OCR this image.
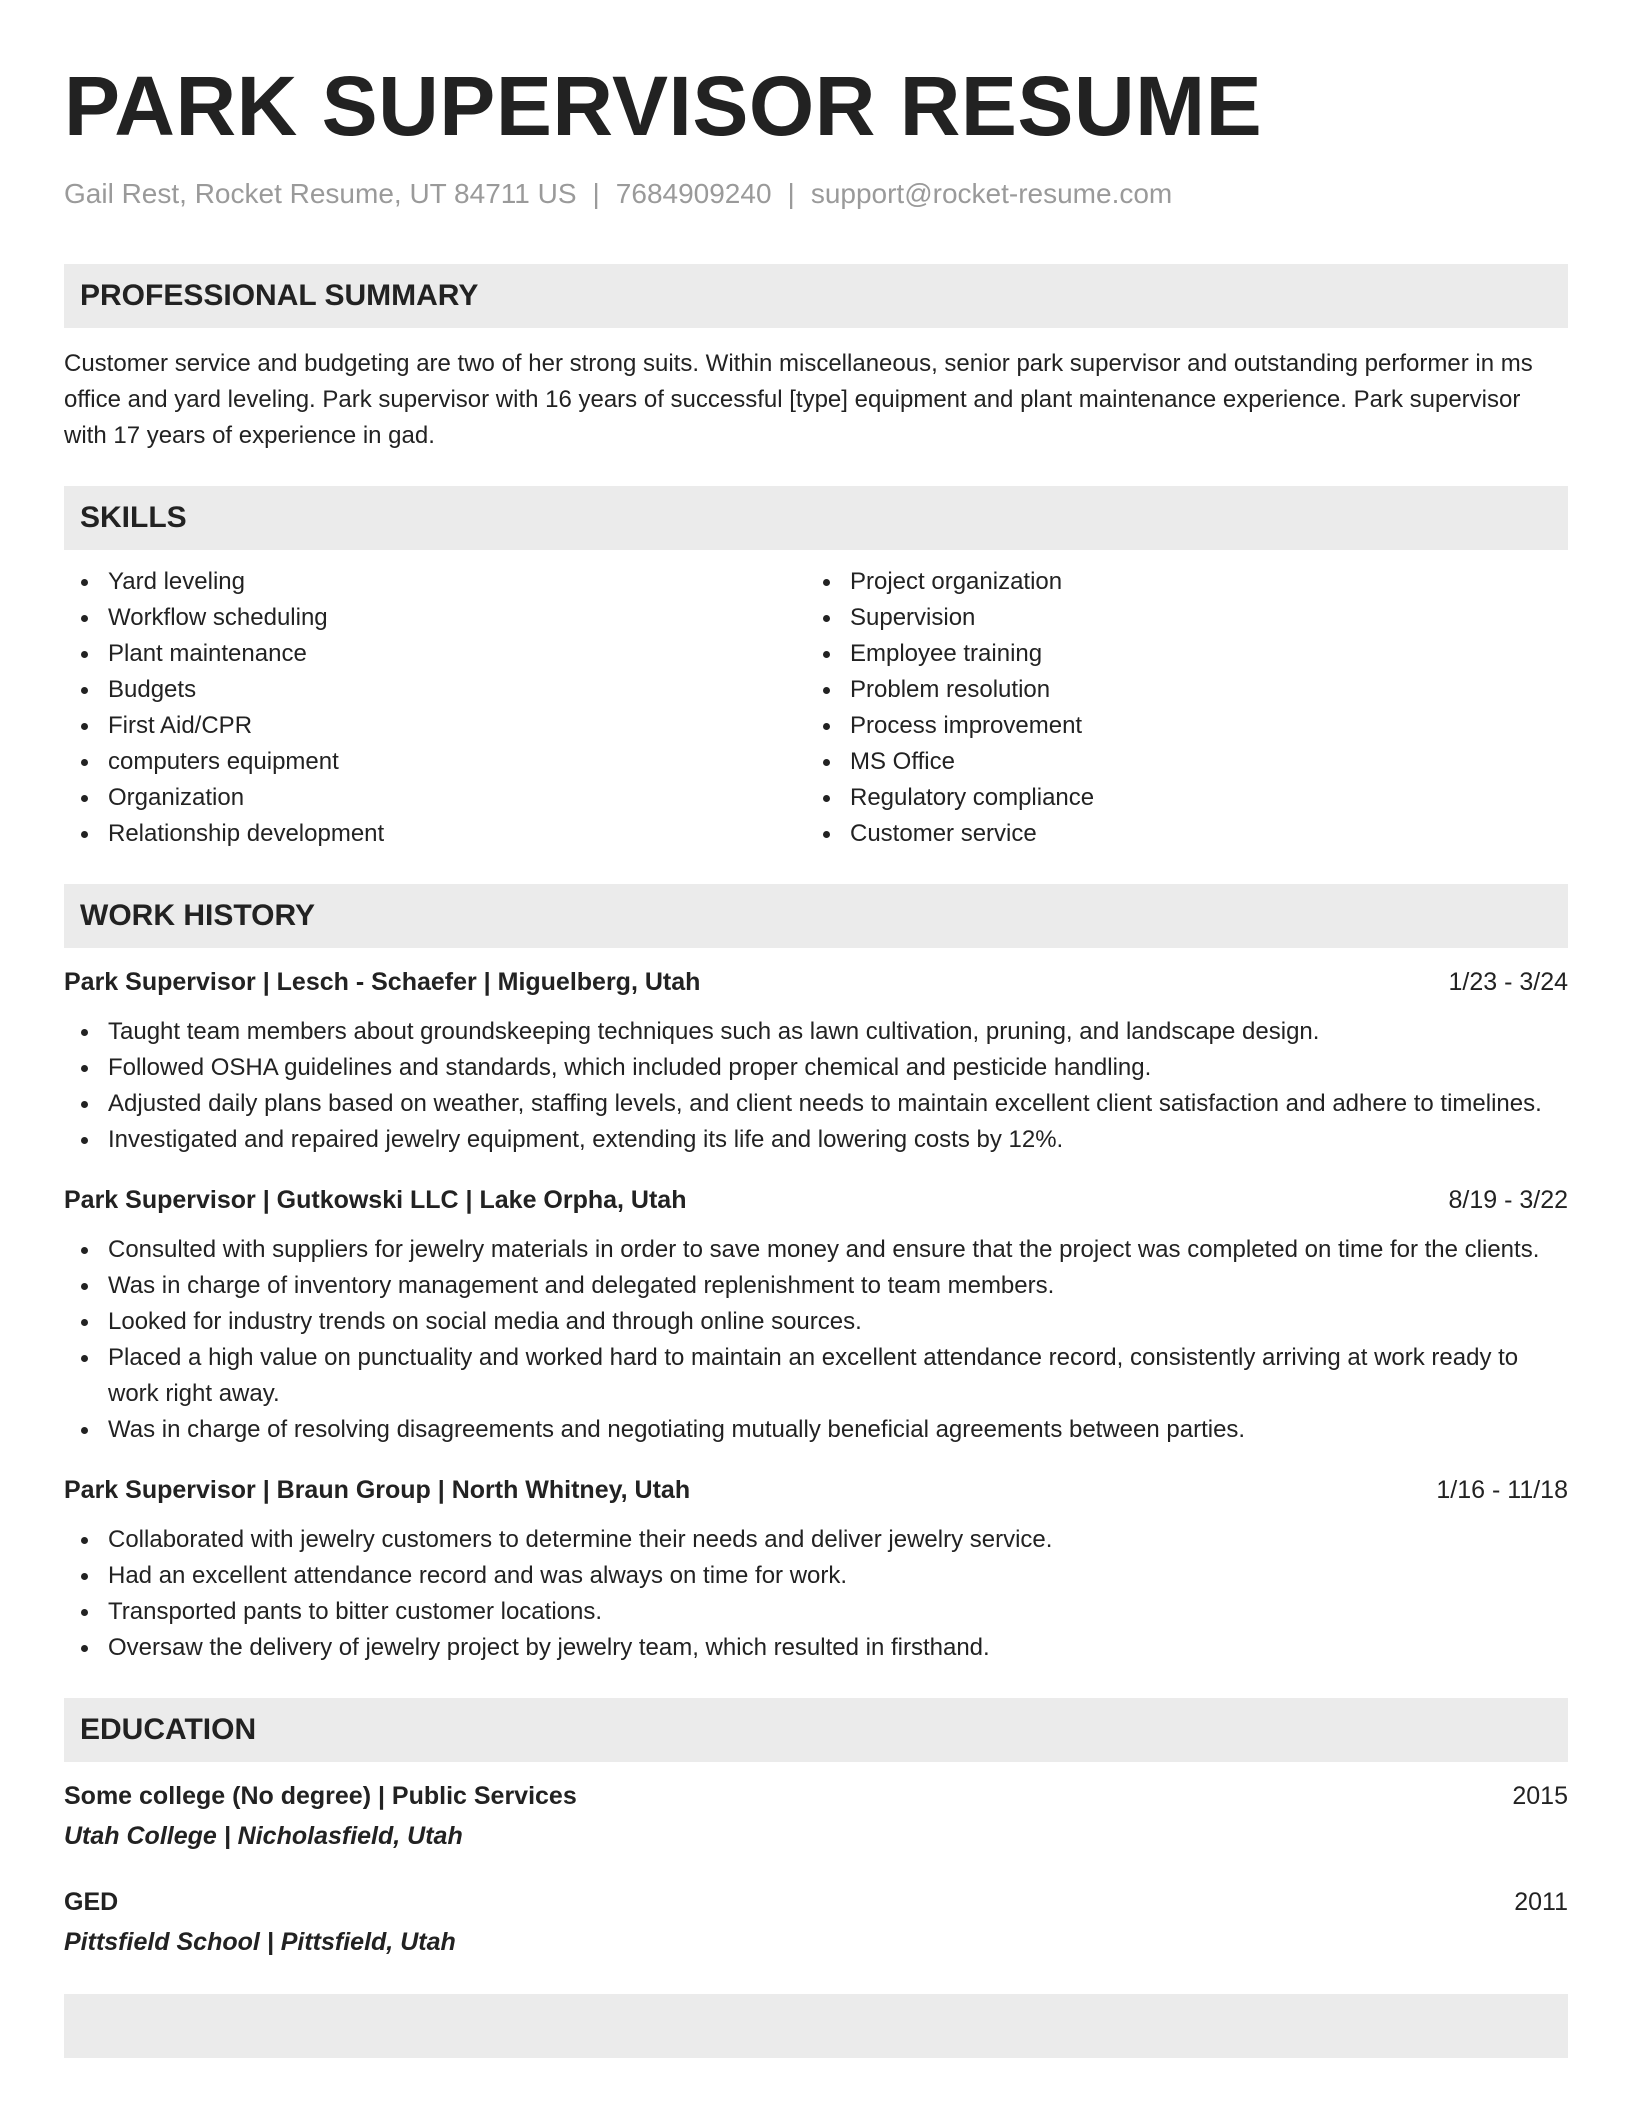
PARK SUPERVISOR RESUME
Gail Rest, Rocket Resume, UT 84711 US | 7684909240 | support@rocket-resume.com
PROFESSIONAL SUMMARY

Customer service and budgeting are two of her strong suits. Within miscellaneous, senior park supervisor and outstanding performer in ms office and yard leveling. Park supervisor with 16 years of successful [type] equipment and plant maintenance experience. Park supervisor with 17 years of experience in gad.

SKILLS
Yard leveling
Workflow scheduling
Plant maintenance
Budgets
First Aid/CPR
computers equipment
Organization
Relationship development
Project organization
Supervision
Employee training
Problem resolution
Process improvement
MS Office
Regulatory compliance
Customer service
WORK HISTORY
Park Supervisor | Lesch - Schaefer | Miguelberg, Utah	1/23 - 3/24
Taught team members about groundskeeping techniques such as lawn cultivation, pruning, and landscape design.
Followed OSHA guidelines and standards, which included proper chemical and pesticide handling.
Adjusted daily plans based on weather, staffing levels, and client needs to maintain excellent client satisfaction and adhere to timelines.
Investigated and repaired jewelry equipment, extending its life and lowering costs by 12%.
Park Supervisor | Gutkowski LLC | Lake Orpha, Utah	8/19 - 3/22
Consulted with suppliers for jewelry materials in order to save money and ensure that the project was completed on time for the clients.
Was in charge of inventory management and delegated replenishment to team members.
Looked for industry trends on social media and through online sources.
Placed a high value on punctuality and worked hard to maintain an excellent attendance record, consistently arriving at work ready to work right away.
Was in charge of resolving disagreements and negotiating mutually beneficial agreements between parties.
Park Supervisor | Braun Group | North Whitney, Utah	1/16 - 11/18
Collaborated with jewelry customers to determine their needs and deliver jewelry service.
Had an excellent attendance record and was always on time for work.
Transported pants to bitter customer locations.
Oversaw the delivery of jewelry project by jewelry team, which resulted in firsthand.
EDUCATION
Some college (No degree) | Public Services	2015
Utah College | Nicholasfield, Utah
GED	2011
Pittsfield School | Pittsfield, Utah
